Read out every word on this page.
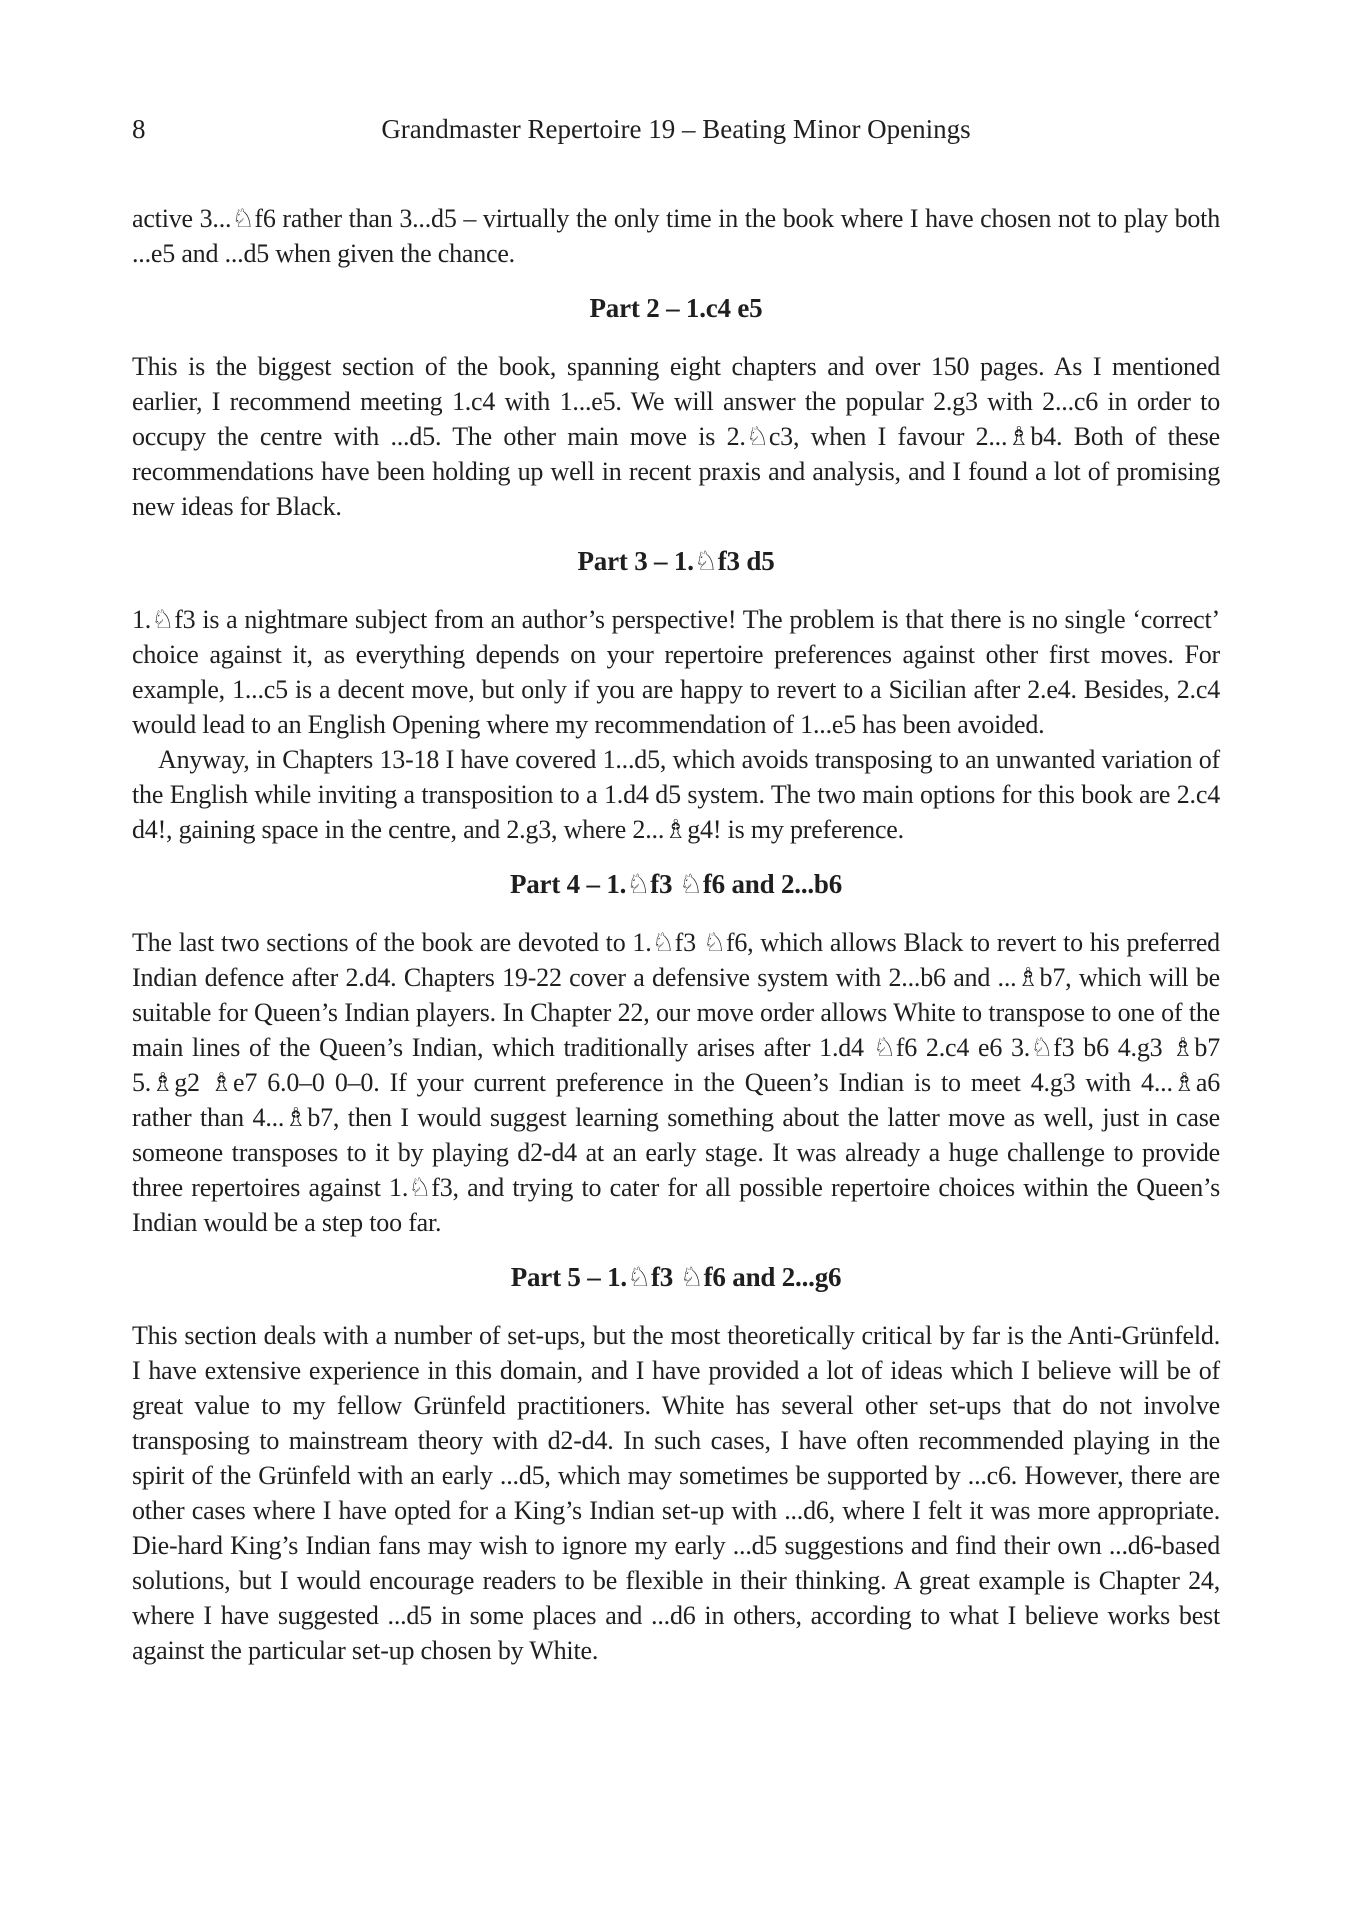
8	Grandmaster Repertoire 19 – Beating Minor Openings

active 3...♘f6 rather than 3...d5 – virtually the only time in the book where I have chosen not to play both ...e5 and ...d5 when given the chance.

Part 2 – 1.c4 e5

This is the biggest section of the book, spanning eight chapters and over 150 pages. As I mentioned earlier, I recommend meeting 1.c4 with 1...e5. We will answer the popular 2.g3 with 2...c6 in order to occupy the centre with ...d5. The other main move is 2.♘c3, when I favour 2...♗b4. Both of these recommendations have been holding up well in recent praxis and analysis, and I found a lot of promising new ideas for Black.

Part 3 – 1.♘f3 d5

1.♘f3 is a nightmare subject from an author’s perspective! The problem is that there is no single ‘correct’ choice against it, as everything depends on your repertoire preferences against other first moves. For example, 1...c5 is a decent move, but only if you are happy to revert to a Sicilian after 2.e4. Besides, 2.c4 would lead to an English Opening where my recommendation of 1...e5 has been avoided.

Anyway, in Chapters 13-18 I have covered 1...d5, which avoids transposing to an unwanted variation of the English while inviting a transposition to a 1.d4 d5 system. The two main options for this book are 2.c4 d4!, gaining space in the centre, and 2.g3, where 2...♗g4! is my preference.

Part 4 – 1.♘f3 ♘f6 and 2...b6

The last two sections of the book are devoted to 1.♘f3 ♘f6, which allows Black to revert to his preferred Indian defence after 2.d4. Chapters 19-22 cover a defensive system with 2...b6 and ...♗b7, which will be suitable for Queen’s Indian players. In Chapter 22, our move order allows White to transpose to one of the main lines of the Queen’s Indian, which traditionally arises after 1.d4 ♘f6 2.c4 e6 3.♘f3 b6 4.g3 ♗b7 5.♗g2 ♗e7 6.0–0 0–0. If your current preference in the Queen’s Indian is to meet 4.g3 with 4...♗a6 rather than 4...♗b7, then I would suggest learning something about the latter move as well, just in case someone transposes to it by playing d2-d4 at an early stage. It was already a huge challenge to provide three repertoires against 1.♘f3, and trying to cater for all possible repertoire choices within the Queen’s Indian would be a step too far.

Part 5 – 1.♘f3 ♘f6 and 2...g6

This section deals with a number of set-ups, but the most theoretically critical by far is the Anti-Grünfeld. I have extensive experience in this domain, and I have provided a lot of ideas which I believe will be of great value to my fellow Grünfeld practitioners. White has several other set-ups that do not involve transposing to mainstream theory with d2-d4. In such cases, I have often recommended playing in the spirit of the Grünfeld with an early ...d5, which may sometimes be supported by ...c6. However, there are other cases where I have opted for a King’s Indian set-up with ...d6, where I felt it was more appropriate. Die-hard King’s Indian fans may wish to ignore my early ...d5 suggestions and find their own ...d6-based solutions, but I would encourage readers to be flexible in their thinking. A great example is Chapter 24, where I have suggested ...d5 in some places and ...d6 in others, according to what I believe works best against the particular set-up chosen by White.
